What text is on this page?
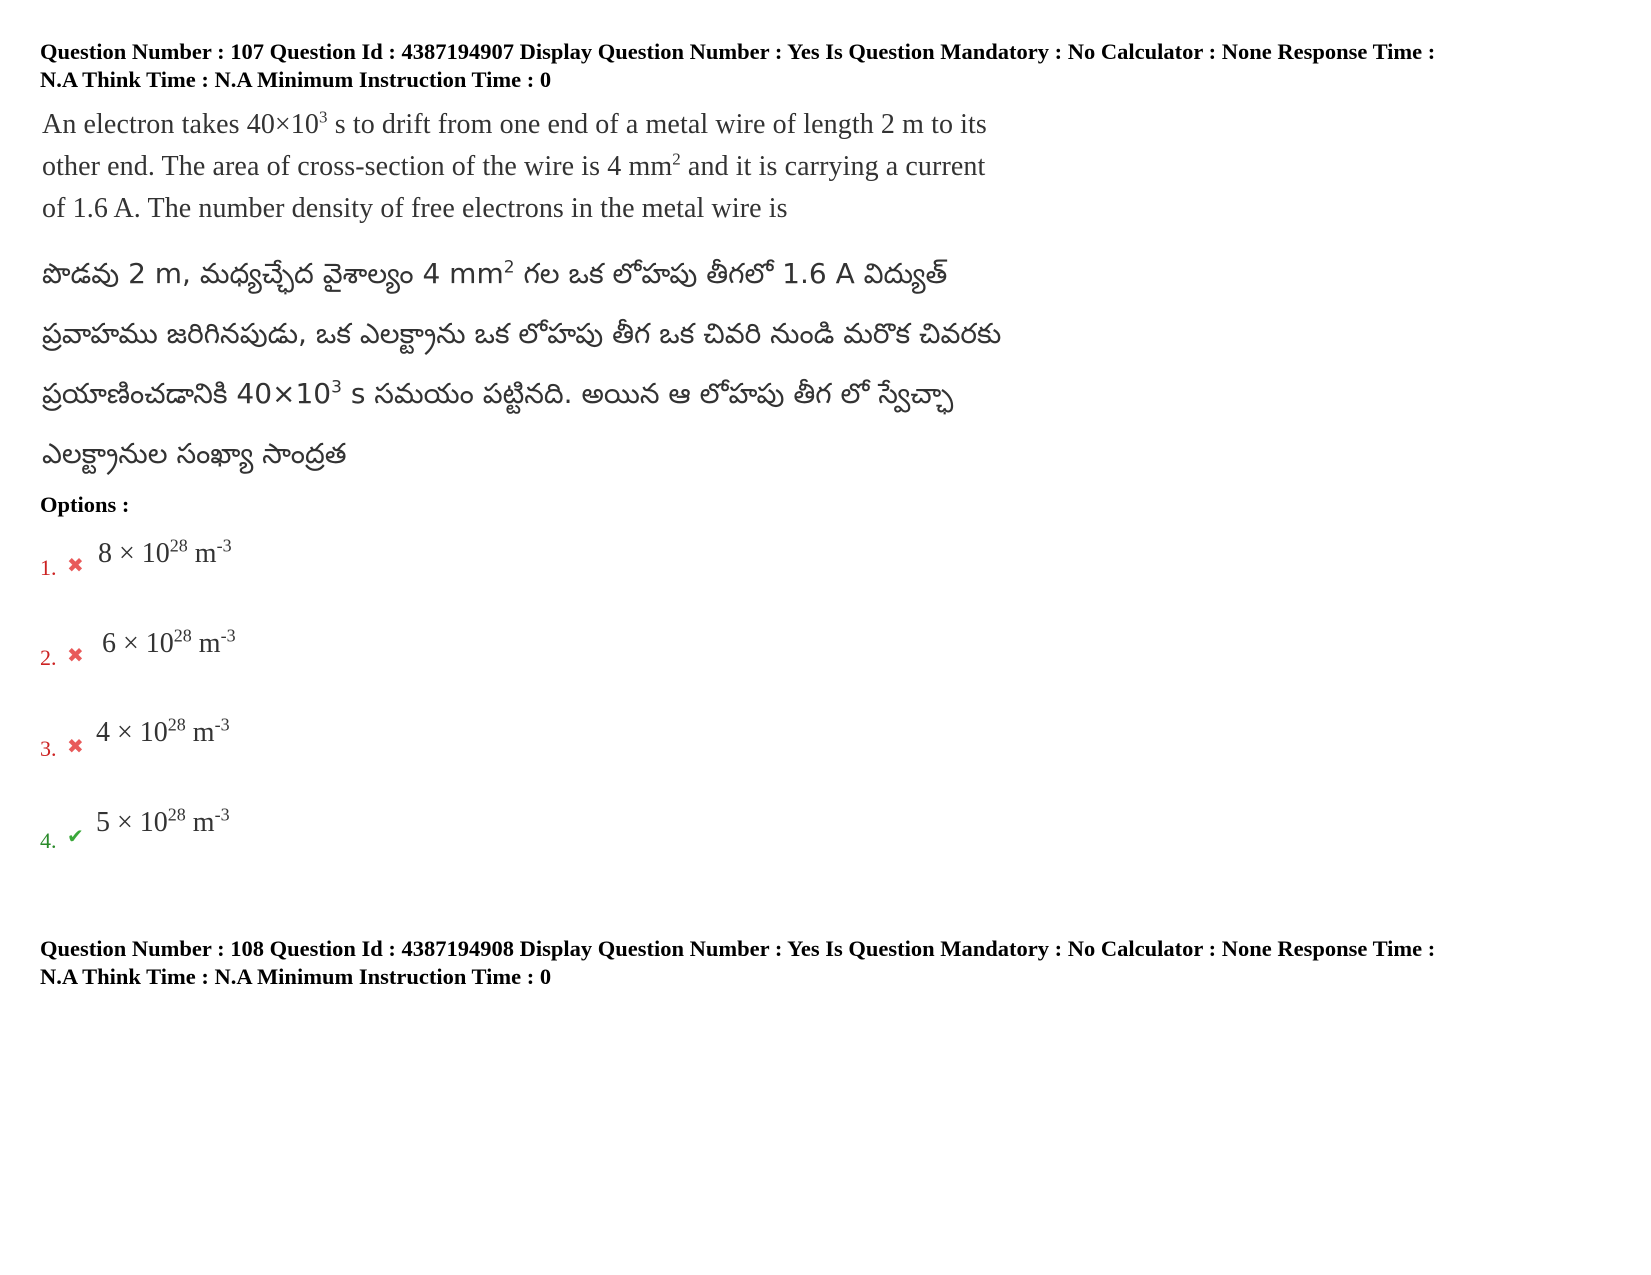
Question Number : 107 Question Id : 4387194907 Display Question Number : Yes Is Question Mandatory : No Calculator : None Response Time :
N.A Think Time : N.A Minimum Instruction Time : 0
An electron takes $40\times 10^3$ s to drift from one end of a metal wire of length 2 m to its
other end. The area of cross-section of the wire is 4 $mm^2$ and it is carrying a current
of 1.6 A. The number density of free electrons in the metal wire is
పొడవు 2 m, మధ్యచ్ఛేద వైశాల్యం 4 $mm^2$ గల ఒక లోహపు తీగలో 1.6 A విద్యుత్
ప్రవాహము జరిగినపుడు, ఒక ఎలక్ట్రాను ఒక లోహపు తీగ ఒక చివరి నుండి మరొక చివరకు
ప్రయాణించడానికి $40\times 10^3$ s సమయం పట్టినది. అయిన ఆ లోహపు తీగ లో స్వేచ్ఛా
ఎలక్ట్రానుల సంఖ్యా సాంద్రత
Options :
1. ✖ $8 \times 10^{28}$ $m^{-3}$
2. ✖ $6 \times 10^{28}$ $m^{-3}$
3. ✖ $4 \times 10^{28}$ $m^{-3}$
4. ✔ $5 \times 10^{28}$ $m^{-3}$
Question Number : 108 Question Id : 4387194908 Display Question Number : Yes Is Question Mandatory : No Calculator : None Response Time :
N.A Think Time : N.A Minimum Instruction Time : 0
